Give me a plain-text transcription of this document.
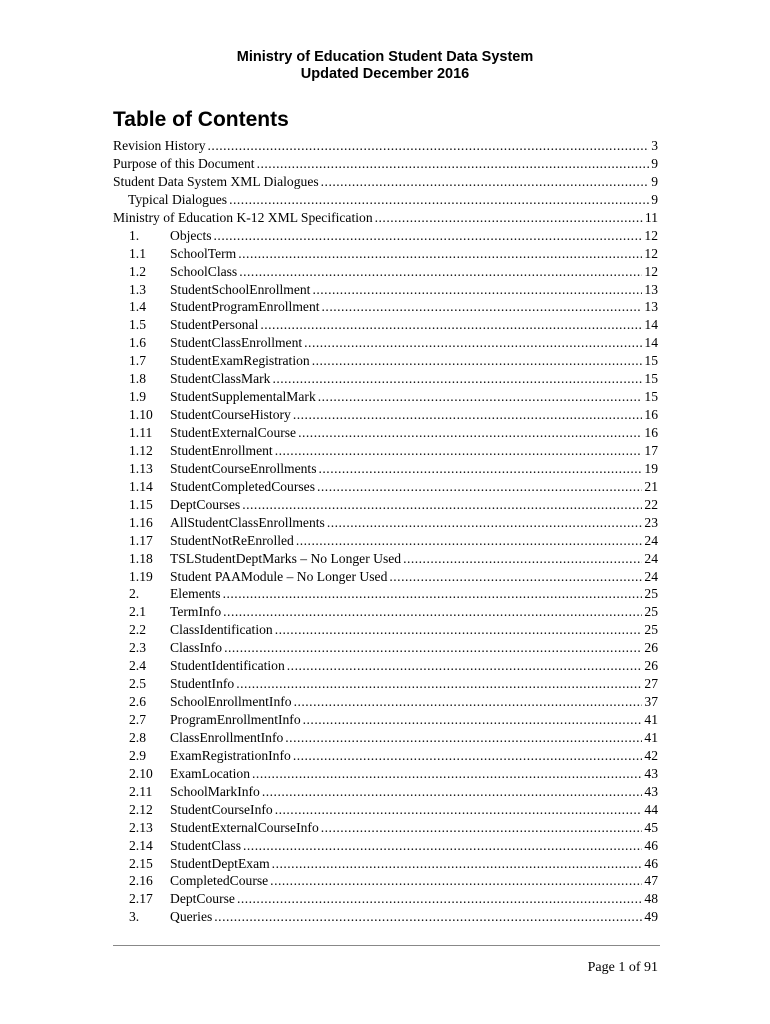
Ministry of Education Student Data System
Updated December 2016
Table of Contents
Revision History .....	3
Purpose of this Document .....	9
Student Data System XML Dialogues .....	9
Typical Dialogues .....	9
Ministry of Education K-12 XML Specification .....	11
1.	Objects .....	12
1.1	SchoolTerm .....	12
1.2	SchoolClass .....	12
1.3	StudentSchoolEnrollment .....	13
1.4	StudentProgramEnrollment .....	13
1.5	StudentPersonal .....	14
1.6	StudentClassEnrollment .....	14
1.7	StudentExamRegistration .....	15
1.8	StudentClassMark .....	15
1.9	StudentSupplementalMark .....	15
1.10	StudentCourseHistory .....	16
1.11	StudentExternalCourse .....	16
1.12	StudentEnrollment .....	17
1.13	StudentCourseEnrollments .....	19
1.14	StudentCompletedCourses .....	21
1.15	DeptCourses .....	22
1.16	AllStudentClassEnrollments .....	23
1.17	StudentNotReEnrolled .....	24
1.18	TSLStudentDeptMarks – No Longer Used .....	24
1.19	Student PAAModule – No Longer Used .....	24
2.	Elements .....	25
2.1	TermInfo .....	25
2.2	ClassIdentification .....	25
2.3	ClassInfo .....	26
2.4	StudentIdentification .....	26
2.5	StudentInfo .....	27
2.6	SchoolEnrollmentInfo .....	37
2.7	ProgramEnrollmentInfo .....	41
2.8	ClassEnrollmentInfo .....	41
2.9	ExamRegistrationInfo .....	42
2.10	ExamLocation .....	43
2.11	SchoolMarkInfo .....	43
2.12	StudentCourseInfo .....	44
2.13	StudentExternalCourseInfo .....	45
2.14	StudentClass .....	46
2.15	StudentDeptExam .....	46
2.16	CompletedCourse .....	47
2.17	DeptCourse .....	48
3.	Queries .....	49
Page 1 of 91
